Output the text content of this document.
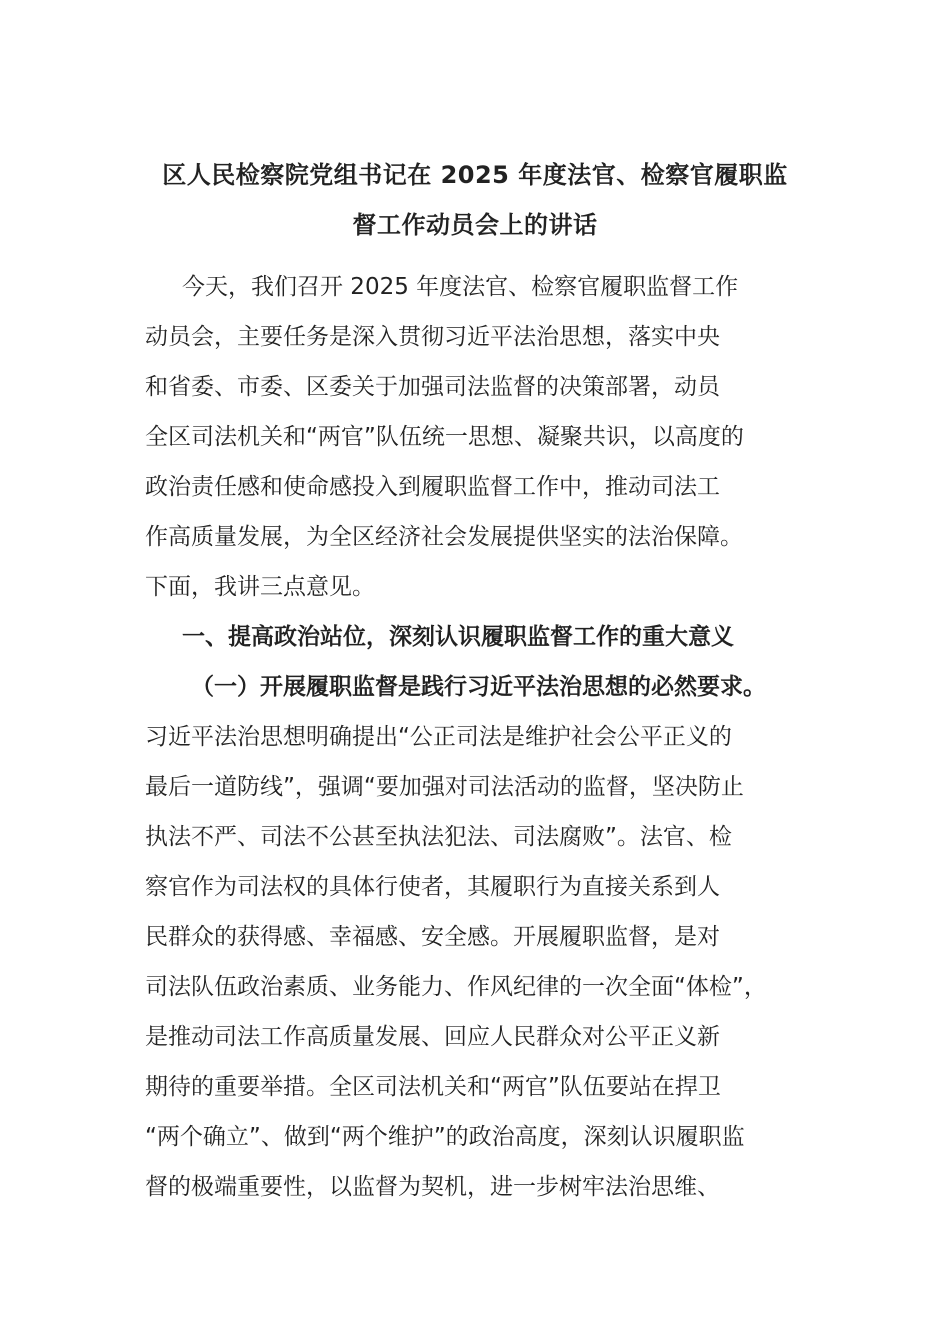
区人民检察院党组书记在 2025 年度法官、检察官履职监
督工作动员会上的讲话
今天，我们召开 2025 年度法官、检察官履职监督工作
动员会，主要任务是深入贯彻习近平法治思想，落实中央
和省委、市委、区委关于加强司法监督的决策部署，动员
全区司法机关和“两官”队伍统一思想、凝聚共识，以高度的
政治责任感和使命感投入到履职监督工作中，推动司法工
作高质量发展，为全区经济社会发展提供坚实的法治保障。
下面，我讲三点意见。
一、提高政治站位，深刻认识履职监督工作的重大意义
（一）开展履职监督是践行习近平法治思想的必然要求。
习近平法治思想明确提出“公正司法是维护社会公平正义的
最后一道防线”，强调“要加强对司法活动的监督，坚决防止
执法不严、司法不公甚至执法犯法、司法腐败”。法官、检
察官作为司法权的具体行使者，其履职行为直接关系到人
民群众的获得感、幸福感、安全感。开展履职监督，是对
司法队伍政治素质、业务能力、作风纪律的一次全面“体检”，
是推动司法工作高质量发展、回应人民群众对公平正义新
期待的重要举措。全区司法机关和“两官”队伍要站在捍卫
“两个确立”、做到“两个维护”的政治高度，深刻认识履职监
督的极端重要性，以监督为契机，进一步树牢法治思维、
